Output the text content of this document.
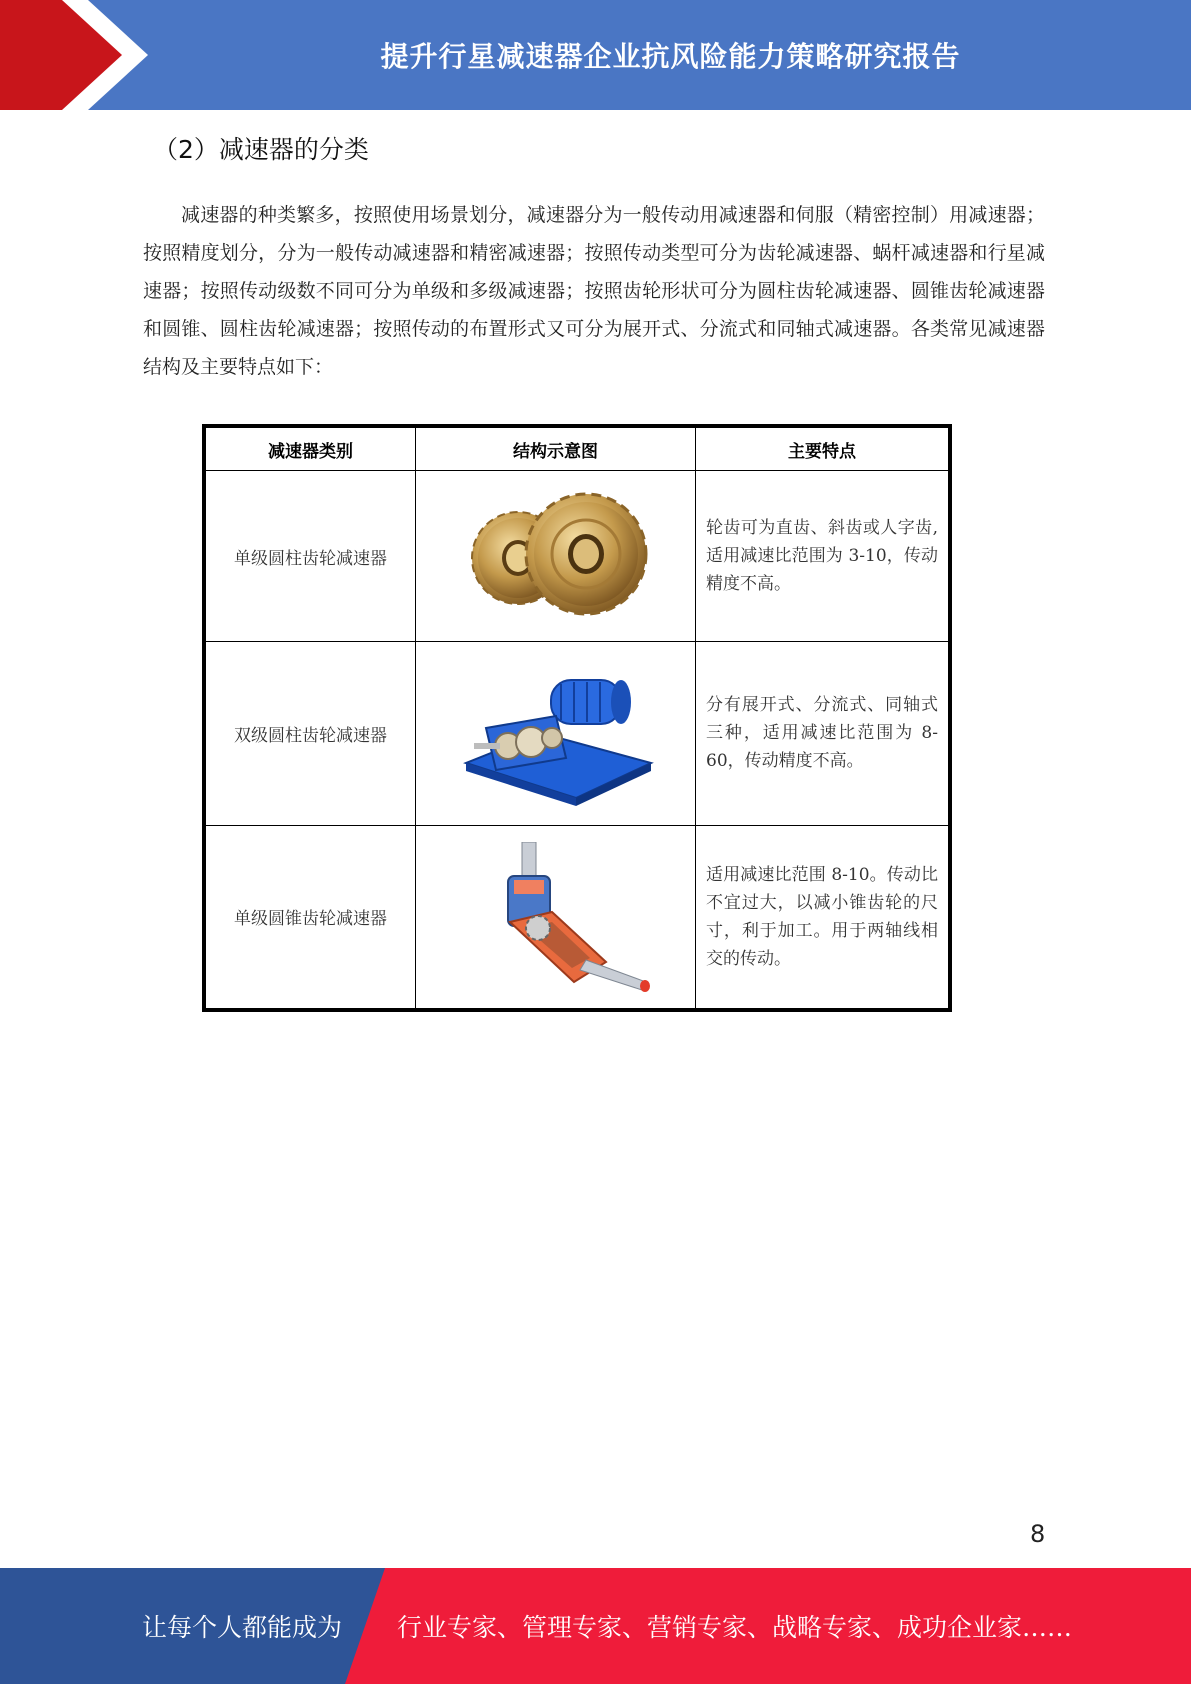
提升行星减速器企业抗风险能力策略研究报告
（2）减速器的分类

减速器的种类繁多，按照使用场景划分，减速器分为一般传动用减速器和伺服（精密控制）用减速器；按照精度划分，分为一般传动减速器和精密减速器；按照传动类型可分为齿轮减速器、蜗杆减速器和行星减速器；按照传动级数不同可分为单级和多级减速器；按照齿轮形状可分为圆柱齿轮减速器、圆锥齿轮减速器和圆锥、圆柱齿轮减速器；按照传动的布置形式又可分为展开式、分流式和同轴式减速器。各类常见减速器结构及主要特点如下：

减速器类别	结构示意图	主要特点
单级圆柱齿轮减速器		轮齿可为直齿、斜齿或人字齿,适用减速比范围为 3-10，传动精度不高。
双级圆柱齿轮减速器		分有展开式、分流式、同轴式三种，适用减速比范围为 8-60，传动精度不高。
单级圆锥齿轮减速器		适用减速比范围 8-10。传动比不宜过大，以减小锥齿轮的尺寸，利于加工。用于两轴线相交的传动。
8
让每个人都能成为 行业专家、管理专家、营销专家、战略专家、成功企业家……
